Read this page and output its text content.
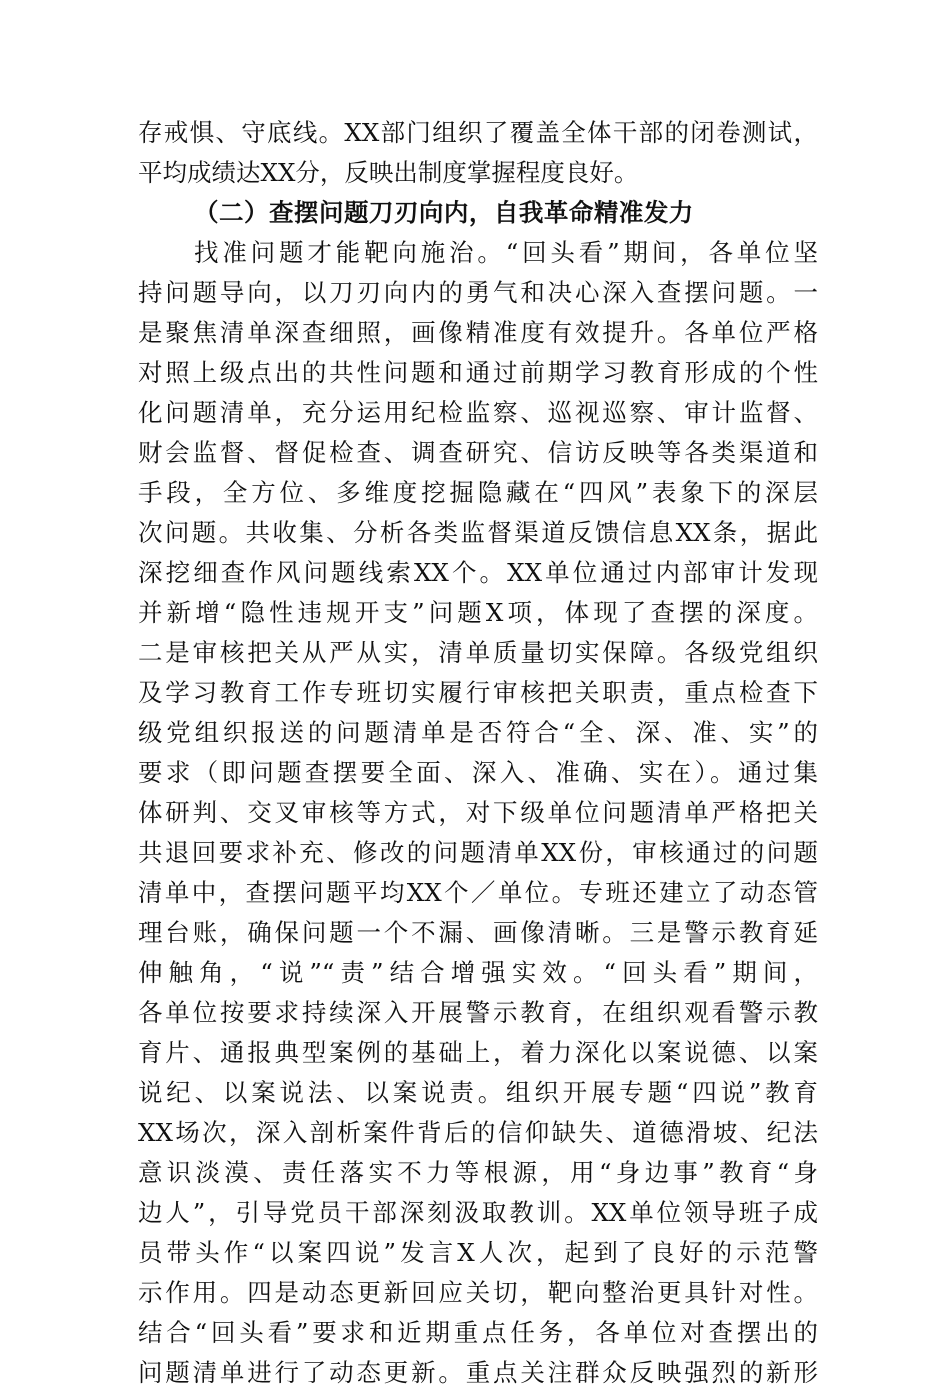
存戒惧、守底线。XX部门组织了覆盖全体干部的闭卷测试，
平均成绩达XX分，反映出制度掌握程度良好。
（二）查摆问题刀刃向内，自我革命精准发力
找准问题才能靶向施治。“回头看”期间，各单位坚
持问题导向，以刀刃向内的勇气和决心深入查摆问题。一
是聚焦清单深查细照，画像精准度有效提升。各单位严格
对照上级点出的共性问题和通过前期学习教育形成的个性
化问题清单，充分运用纪检监察、巡视巡察、审计监督、
财会监督、督促检查、调查研究、信访反映等各类渠道和
手段，全方位、多维度挖掘隐藏在“四风”表象下的深层
次问题。共收集、分析各类监督渠道反馈信息XX条，据此
深挖细查作风问题线索XX个。XX单位通过内部审计发现
并新增“隐性违规开支”问题X项，体现了查摆的深度。
二是审核把关从严从实，清单质量切实保障。各级党组织
及学习教育工作专班切实履行审核把关职责，重点检查下
级党组织报送的问题清单是否符合“全、深、准、实”的
要求（即问题查摆要全面、深入、准确、实在）。通过集
体研判、交叉审核等方式，对下级单位问题清单严格把关
共退回要求补充、修改的问题清单XX份，审核通过的问题
清单中，查摆问题平均XX个／单位。专班还建立了动态管
理台账，确保问题一个不漏、画像清晰。三是警示教育延
伸触角，“说”“责”结合增强实效。“回头看”期间，
各单位按要求持续深入开展警示教育，在组织观看警示教
育片、通报典型案例的基础上，着力深化以案说德、以案
说纪、以案说法、以案说责。组织开展专题“四说”教育
XX场次，深入剖析案件背后的信仰缺失、道德滑坡、纪法
意识淡漠、责任落实不力等根源，用“身边事”教育“身
边人”，引导党员干部深刻汲取教训。XX单位领导班子成
员带头作“以案四说”发言X人次，起到了良好的示范警
示作用。四是动态更新回应关切，靶向整治更具针对性。
结合“回头看”要求和近期重点任务，各单位对查摆出的
问题清单进行了动态更新。重点关注群众反映强烈的新形
